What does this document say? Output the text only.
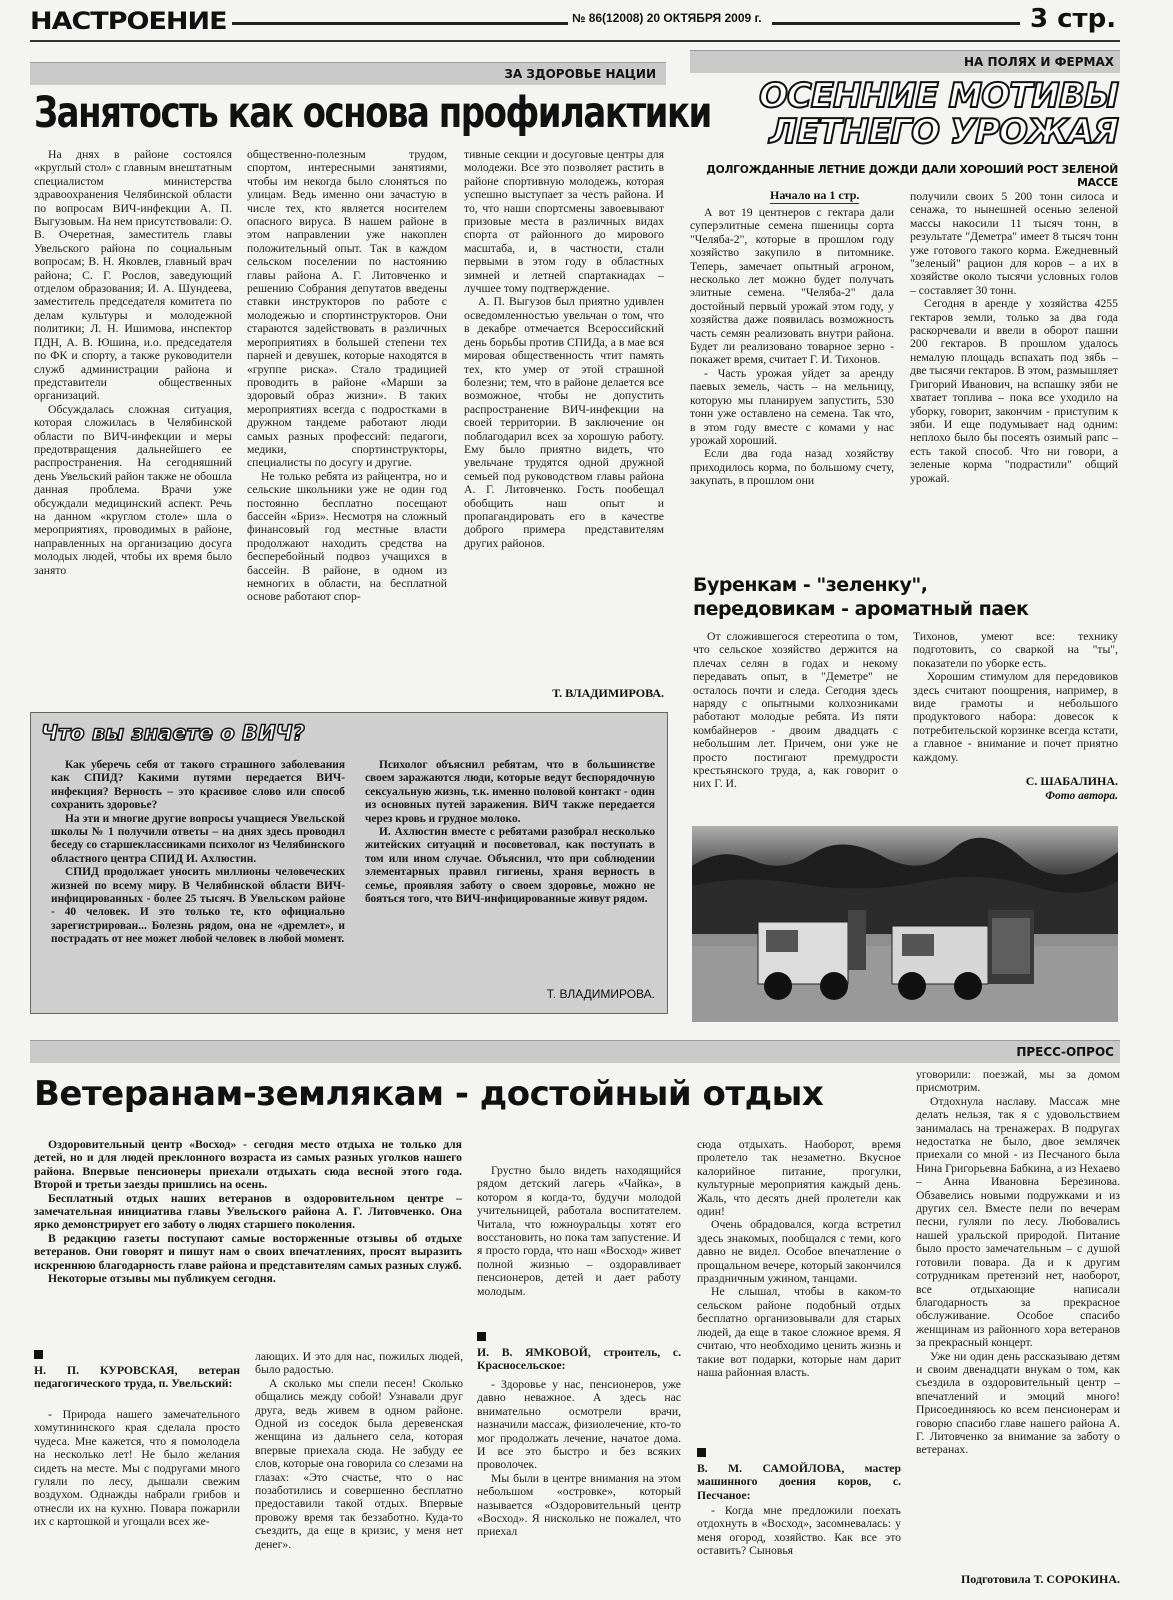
НАСТРОЕНИЕ	№ 86(12008) 20 ОКТЯБРЯ 2009 г.	3 стр.
ЗА ЗДОРОВЬЕ НАЦИИ
Занятость как основа профилактики

На днях в районе состоялся «круглый стол» с главным внештатным специалистом министерства здравоохранения Челябинской области по вопросам ВИЧ-инфекции А. П. Выгузовым. На нем присутствовали: О. В. Очеретная, заместитель главы Увельского района по социальным вопросам; В. Н. Яковлев, главный врач района; С. Г. Рослов, заведующий отделом образования; И. А. Шундеева, заместитель председателя комитета по делам культуры и молодежной политики; Л. Н. Ишимова, инспектор ПДН, А. В. Юшина, и.о. председателя по ФК и спорту, а также руководители служб администрации района и представители общественных организаций.

Обсуждалась сложная ситуация, которая сложилась в Челябинской области по ВИЧ-инфекции и меры предотвращения дальнейшего ее распространения. На сегодняшний день Увельский район также не обошла данная проблема. Врачи уже обсуждали медицинский аспект. Речь на данном «круглом столе» шла о мероприятиях, проводимых в районе, направленных на организацию досуга молодых людей, чтобы их время было занято

общественно-полезным трудом, спортом, интересными занятиями, чтобы им некогда было слоняться по улицам. Ведь именно они зачастую в числе тех, кто является носителем опасного вируса. В нашем районе в этом направлении уже накоплен положительный опыт. Так в каждом сельском поселении по настоянию главы района А. Г. Литовченко и решению Собрания депутатов введены ставки инструкторов по работе с молодежью и спортинструкторов. Они стараются задействовать в различных мероприятиях в большей степени тех парней и девушек, которые находятся в «группе риска». Стало традицией проводить в районе «Марши за здоровый образ жизни». В таких мероприятиях всегда с подростками в дружном тандеме работают люди самых разных профессий: педагоги, медики, спортинструкторы, специалисты по досугу и другие.

Не только ребята из райцентра, но и сельские школьники уже не один год постоянно бесплатно посещают бассейн «Бриз». Несмотря на сложный финансовый год местные власти продолжают находить средства на бесперебойный подвоз учащихся в бассейн. В районе, в одном из немногих в области, на бесплатной основе работают спор-

тивные секции и досуговые центры для молодежи. Все это позволяет растить в районе спортивную молодежь, которая успешно выступает за честь района. И то, что наши спортсмены завоевывают призовые места в различных видах спорта от районного до мирового масштаба, и, в частности, стали первыми в этом году в областных зимней и летней спартакиадах – лучшее тому подтверждение.

А. П. Выгузов был приятно удивлен осведомленностью увельчан о том, что в декабре отмечается Всероссийский день борьбы против СПИДа, а в мае вся мировая общественность чтит память тех, кто умер от этой страшной болезни; тем, что в районе делается все возможное, чтобы не допустить распространение ВИЧ-инфекции на своей территории. В заключение он поблагодарил всех за хорошую работу. Ему было приятно видеть, что увельчане трудятся одной дружной семьей под руководством главы района А. Г. Литовченко. Гость пообещал обобщить наш опыт и пропагандировать его в качестве доброго примера представителям других районов.

Т. ВЛАДИМИРОВА.
Что вы знаете о ВИЧ?

Как уберечь себя от такого страшного заболевания как СПИД? Какими путями передается ВИЧ-инфекция? Верность – это красивое слово или способ сохранить здоровье?

На эти и многие другие вопросы учащиеся Увельской школы № 1 получили ответы – на днях здесь проводил беседу со старшеклассниками психолог из Челябинского областного центра СПИД И. Ахлюстин.

СПИД продолжает уносить миллионы человеческих жизней по всему миру. В Челябинской области ВИЧ-инфицированных - более 25 тысяч. В Увельском районе - 40 человек. И это только те, кто официально зарегистрирован... Болезнь рядом, она не «дремлет», и пострадать от нее может любой человек в любой момент.

Психолог объяснил ребятам, что в большинстве своем заражаются люди, которые ведут беспорядочную сексуальную жизнь, т.к. именно половой контакт - один из основных путей заражения. ВИЧ также передается через кровь и грудное молоко.

И. Ахлюстин вместе с ребятами разобрал несколько житейских ситуаций и посоветовал, как поступать в том или ином случае. Объяснил, что при соблюдении элементарных правил гигиены, храня верность в семье, проявляя заботу о своем здоровье, можно не бояться того, что ВИЧ-инфицированные живут рядом.

Т. ВЛАДИМИРОВА.
НА ПОЛЯХ И ФЕРМАХ
ОСЕННИЕ МОТИВЫ
ЛЕТНЕГО УРОЖАЯ
ДОЛГОЖДАННЫЕ ЛЕТНИЕ ДОЖДИ ДАЛИ ХОРОШИЙ РОСТ ЗЕЛЕНОЙ МАССЕ
Начало на 1 стр.

А вот 19 центнеров с гектара дали суперэлитные семена пшеницы сорта "Челяба-2", которые в прошлом году хозяйство закупило в питомнике. Теперь, замечает опытный агроном, несколько лет можно будет получать элитные семена. "Челяба-2" дала достойный первый урожай этом году, у хозяйства даже появилась возможность часть семян реализовать внутри района. Будет ли реализовано товарное зерно - покажет время, считает Г. И. Тихонов.

- Часть урожая уйдет за аренду паевых земель, часть – на мельницу, которую мы планируем запустить, 530 тонн уже оставлено на семена. Так что, в этом году вместе с комами у нас урожай хороший.

Если два года назад хозяйству приходилось корма, по большому счету, закупать, в прошлом они

получили своих 5 200 тонн силоса и сенажа, то нынешней осенью зеленой массы накосили 11 тысяч тонн, в результате "Деметра" имеет 8 тысяч тонн уже готового такого корма. Ежедневный "зеленый" рацион для коров – а их в хозяйстве около тысячи условных голов – составляет 30 тонн.

Сегодня в аренде у хозяйства 4255 гектаров земли, только за два года раскорчевали и ввели в оборот пашни 200 гектаров. В прошлом удалось немалую площадь вспахать под зябь – две тысячи гектаров. В этом, размышляет Григорий Иванович, на вспашку зяби не хватает топлива – пока все уходило на уборку, говорит, закончим - приступим к зяби. И еще подумывает над одним: неплохо было бы посеять озимый рапс – есть такой способ. Что ни говори, а зеленые корма "подрастили" общий урожай.

Буренкам - "зеленку",
передовикам - ароматный паек

От сложившегося стереотипа о том, что сельское хозяйство держится на плечах селян в годах и некому передавать опыт, в "Деметре" не осталось почти и следа. Сегодня здесь наряду с опытными колхозниками работают молодые ребята. Из пяти комбайнеров - двоим двадцать с небольшим лет. Причем, они уже не просто постигают премудрости крестьянского труда, а, как говорит о них Г. И.

Тихонов, умеют все: технику подготовить, со сваркой на "ты", показатели по уборке есть.

Хорошим стимулом для передовиков здесь считают поощрения, например, в виде грамоты и небольшого продуктового набора: довесок к потребительской корзинке всегда кстати, а главное - внимание и почет приятно каждому.

С. ШАБАЛИНА.
Фото автора.
ПРЕСС-ОПРОС
Ветеранам-землякам - достойный отдых

Оздоровительный центр «Восход» - сегодня место отдыха не только для детей, но и для людей преклонного возраста из самых разных уголков нашего района. Впервые пенсионеры приехали отдыхать сюда весной этого года. Второй и третьи заезды пришлись на осень.

Бесплатный отдых наших ветеранов в оздоровительном центре – замечательная инициатива главы Увельского района А. Г. Литовченко. Она ярко демонстрирует его заботу о людях старшего поколения.

В редакцию газеты поступают самые восторженные отзывы об отдыхе ветеранов. Они говорят и пишут нам о своих впечатлениях, просят выразить искреннюю благодарность главе района и представителям самых разных служб.

Некоторые отзывы мы публикуем сегодня.

Н. П. КУРОВСКАЯ, ветеран педагогического труда, п. Увельский:

- Природа нашего замечательного хомутининского края сделала просто чудеса. Мне кажется, что я помолодела на несколько лет! Не было желания сидеть на месте. Мы с подругами много гуляли по лесу, дышали свежим воздухом. Однажды набрали грибов и отнесли их на кухню. Повара пожарили их с картошкой и угощали всех же-

лающих. И это для нас, пожилых людей, было радостью.

А сколько мы спели песен! Сколько общались между собой! Узнавали друг друга, ведь живем в одном районе. Одной из соседок была деревенская женщина из дальнего села, которая впервые приехала сюда. Не забуду ее слов, которые она говорила со слезами на глазах: «Это счастье, что о нас позаботились и совершенно бесплатно предоставили такой отдых. Впервые провожу время так беззаботно. Куда-то съездить, да еще в кризис, у меня нет денег».

Грустно было видеть находящийся рядом детский лагерь «Чайка», в котором я когда-то, будучи молодой учительницей, работала воспитателем. Читала, что южноуральцы хотят его восстановить, но пока там запустение. И я просто горда, что наш «Восход» живет полной жизнью – оздоравливает пенсионеров, детей и дает работу молодым.

И. В. ЯМКОВОЙ, строитель, с. Красносельское:

- Здоровье у нас, пенсионеров, уже давно неважное. А здесь нас внимательно осмотрели врачи, назначили массаж, физиолечение, кто-то мог продолжать лечение, начатое дома. И все это быстро и без всяких проволочек.

Мы были в центре внимания на этом небольшом «островке», который называется «Оздоровительный центр «Восход». Я нисколько не пожалел, что приехал

сюда отдыхать. Наоборот, время пролетело так незаметно. Вкусное калорийное питание, прогулки, культурные мероприятия каждый день. Жаль, что десять дней пролетели как один!

Очень обрадовался, когда встретил здесь знакомых, пообщался с теми, кого давно не видел. Особое впечатление о прощальном вечере, который закончился праздничным ужином, танцами.

Не слышал, чтобы в каком-то сельском районе подобный отдых бесплатно организовывали для старых людей, да еще в такое сложное время. Я считаю, что необходимо ценить жизнь и такие вот подарки, которые нам дарит наша районная власть.

В. М. САМОЙЛОВА, мастер машинного доения коров, с. Песчаное:

- Когда мне предложили поехать отдохнуть в «Восход», засомневалась: у меня огород, хозяйство. Как все это оставить? Сыновья

уговорили: поезжай, мы за домом присмотрим.

Отдохнула наславу. Массаж мне делать нельзя, так я с удовольствием занималась на тренажерах. В подругах недостатка не было, двое землячек приехали со мной - из Песчаного была Нина Григорьевна Бабкина, а из Нехаево – Анна Ивановна Березинова. Обзавелись новыми подружками и из других сел. Вместе пели по вечерам песни, гуляли по лесу. Любовались нашей уральской природой. Питание было просто замечательным – с душой готовили повара. Да и к другим сотрудникам претензий нет, наоборот, все отдыхающие написали благодарность за прекрасное обслуживание. Особое спасибо женщинам из районного хора ветеранов за прекрасный концерт.

Уже ни один день рассказываю детям и своим двенадцати внукам о том, как съездила в оздоровительный центр – впечатлений и эмоций много! Присоединяюсь ко всем пенсионерам и говорю спасибо главе нашего района А. Г. Литовченко за внимание за заботу о ветеранах.

Подготовила Т. СОРОКИНА.
